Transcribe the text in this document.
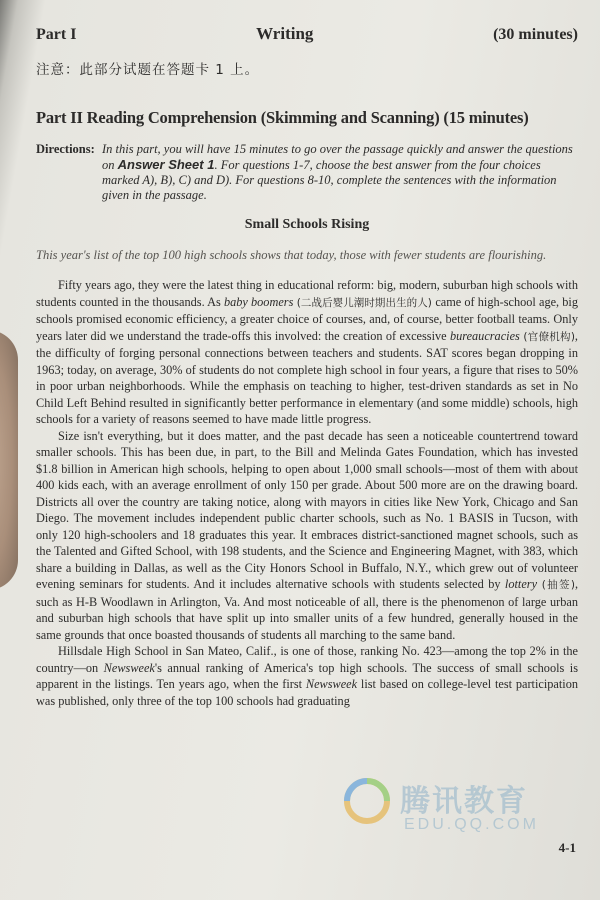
Part I	Writing	(30 minutes)
注意：此部分试题在答题卡 1 上。
Part II Reading Comprehension (Skimming and Scanning) (15 minutes)
Directions: In this part, you will have 15 minutes to go over the passage quickly and answer the questions on Answer Sheet 1. For questions 1-7, choose the best answer from the four choices marked A), B), C) and D). For questions 8-10, complete the sentences with the information given in the passage.
Small Schools Rising
This year's list of the top 100 high schools shows that today, those with fewer students are flourishing.
Fifty years ago, they were the latest thing in educational reform: big, modern, suburban high schools with students counted in the thousands. As baby boomers (二战后婴儿潮时期出生的人) came of high-school age, big schools promised economic efficiency, a greater choice of courses, and, of course, better football teams. Only years later did we understand the trade-offs this involved: the creation of excessive bureaucracies (官僚机构), the difficulty of forging personal connections between teachers and students. SAT scores began dropping in 1963; today, on average, 30% of students do not complete high school in four years, a figure that rises to 50% in poor urban neighborhoods. While the emphasis on teaching to higher, test-driven standards as set in No Child Left Behind resulted in significantly better performance in elementary (and some middle) schools, high schools for a variety of reasons seemed to have made little progress.
Size isn't everything, but it does matter, and the past decade has seen a noticeable countertrend toward smaller schools. This has been due, in part, to the Bill and Melinda Gates Foundation, which has invested $1.8 billion in American high schools, helping to open about 1,000 small schools—most of them with about 400 kids each, with an average enrollment of only 150 per grade. About 500 more are on the drawing board. Districts all over the country are taking notice, along with mayors in cities like New York, Chicago and San Diego. The movement includes independent public charter schools, such as No. 1 BASIS in Tucson, with only 120 high-schoolers and 18 graduates this year. It embraces district-sanctioned magnet schools, such as the Talented and Gifted School, with 198 students, and the Science and Engineering Magnet, with 383, which share a building in Dallas, as well as the City Honors School in Buffalo, N.Y., which grew out of volunteer evening seminars for students. And it includes alternative schools with students selected by lottery (抽签), such as H-B Woodlawn in Arlington, Va. And most noticeable of all, there is the phenomenon of large urban and suburban high schools that have split up into smaller units of a few hundred, generally housed in the same grounds that once boasted thousands of students all marching to the same band.
Hillsdale High School in San Mateo, Calif., is one of those, ranking No. 423—among the top 2% in the country—on Newsweek's annual ranking of America's top high schools. The success of small schools is apparent in the listings. Ten years ago, when the first Newsweek list based on college-level test participation was published, only three of the top 100 schools had graduating
腾讯教育
EDU.QQ.COM
4-1
